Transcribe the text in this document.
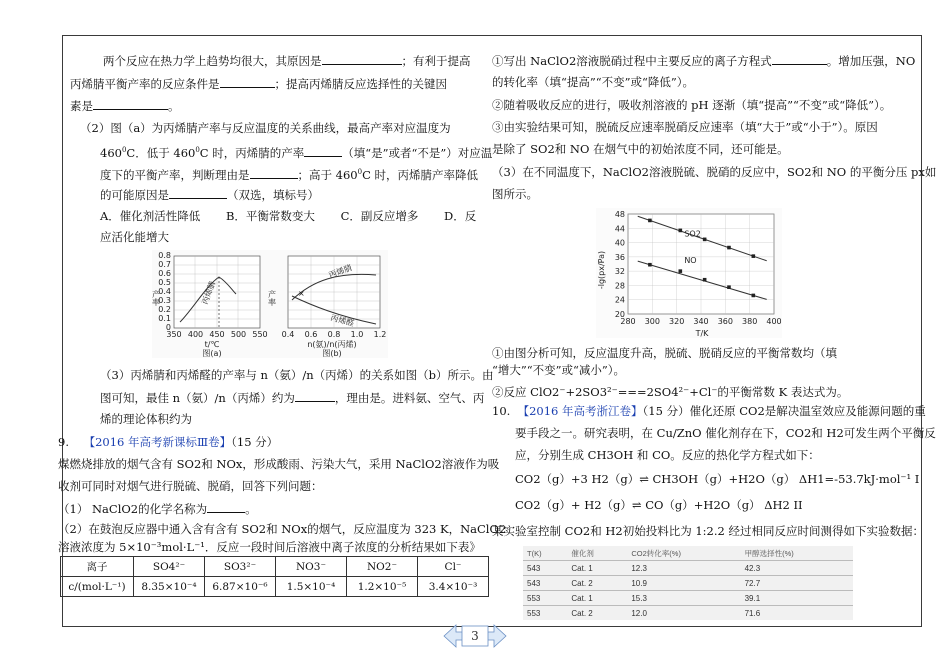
两个反应在热力学上趋势均很大，其原因是	；有利于提高
丙烯腈平衡产率的反应条件是	；提高丙烯腈反应选择性的关键因
素是	。
（2）图（a）为丙烯腈产率与反应温度的关系曲线，最高产率对应温度为
$460^0C$．低于 $460^0C$ 时，丙烯腈的产率	（填“是”或者“不是”）对应温
度下的平衡产率，判断理由是	；高于 $460^0C$ 时，丙烯腈产率降低
的可能原因是	（双选，填标号）
A．催化剂活性降低 B．平衡常数变大 C．副反应增多 D．反
应活化能增大
丙烯腈
产率
0.8
0.7
0.6
0.5
0.4
0.3
0.2
0.1
0
350 400 450 500 550
t/℃
图(a)
×
丙烯腈
丙烯醛
产率
0.4 0.6 0.8 1.0 1.2
n(氨)/n(丙烯)
图(b)
（3）丙烯腈和丙烯醛的产率与 n（氨）/n（丙烯）的关系如图（b）所示。由
图可知，最佳 n（氨）/n（丙烯）约为	，理由是。进料氨、空气、丙
烯的理论体积约为
9. 【2016 年高考新课标Ⅲ卷】（15 分）
煤燃烧排放的烟气含有 SO2和 NOx，形成酸雨、污染大气，采用 NaClO2溶液作为吸
收剂可同时对烟气进行脱硫、脱硝，回答下列问题：
（1） NaClO2的化学名称为	。
（2）在鼓泡反应器中通入含有含有 SO2和 NOx的烟气，反应温度为 323 K，NaClO2
溶液浓度为 5×10⁻³mol·L⁻¹．反应一段时间后溶液中离子浓度的分析结果如下表》
离子	SO4²⁻	SO3²⁻	NO3⁻	NO2⁻	Cl⁻
c/(mol·L⁻¹)	8.35×10⁻⁴	6.87×10⁻⁶	1.5×10⁻⁴	1.2×10⁻⁵	3.4×10⁻³
①写出 NaClO2溶液脱硝过程中主要反应的离子方程式	。增加压强，NO
的转化率（填“提高”“不变”或“降低”）。
②随着吸收反应的进行，吸收剂溶液的 pH 逐渐（填“提高”“不变”或“降低”）。
③由实验结果可知，脱硫反应速率脱硝反应速率（填“大于”或“小于”）。原因
是除了 SO2和 NO 在烟气中的初始浓度不同，还可能是。
（3）在不同温度下，NaClO2溶液脱硫、脱硝的反应中，SO2和 NO 的平衡分压 px如
图所示。
48
44
40
36
32
28
24
20
280 300 320 340 360 380 400
SO2
NO
-lg(px/Pa)
T/K
①由图分析可知，反应温度升高，脱硫、脱硝反应的平衡常数均（填
“增大”“不变”或“减小”）。
②反应 ClO2⁻+2SO3²⁻===2SO4²⁻+Cl⁻的平衡常数 K 表达式为。
10. 【2016 年高考浙江卷】（15 分）催化还原 CO2是解决温室效应及能源问题的重
要手段之一。研究表明，在 Cu/ZnO 催化剂存在下，CO2和 H2可发生两个平衡反
应，分别生成 CH3OH 和 CO。反应的热化学方程式如下：
CO2（g）+3 H2（g）⇌ CH3OH（g）+H2O（g） ΔH1=-53.7kJ·mol⁻¹ I
CO2（g）+ H2（g）⇌ CO（g）+H2O（g） ΔH2 II
某实验室控制 CO2和 H2初始投料比为 1:2.2 经过相同反应时间测得如下实验数据：
T(K)	催化剂	CO2转化率(%)	甲醇选择性(%)
543	Cat. 1	12.3	42.3
543	Cat. 2	10.9	72.7
553	Cat. 1	15.3	39.1
553	Cat. 2	12.0	71.6
3
